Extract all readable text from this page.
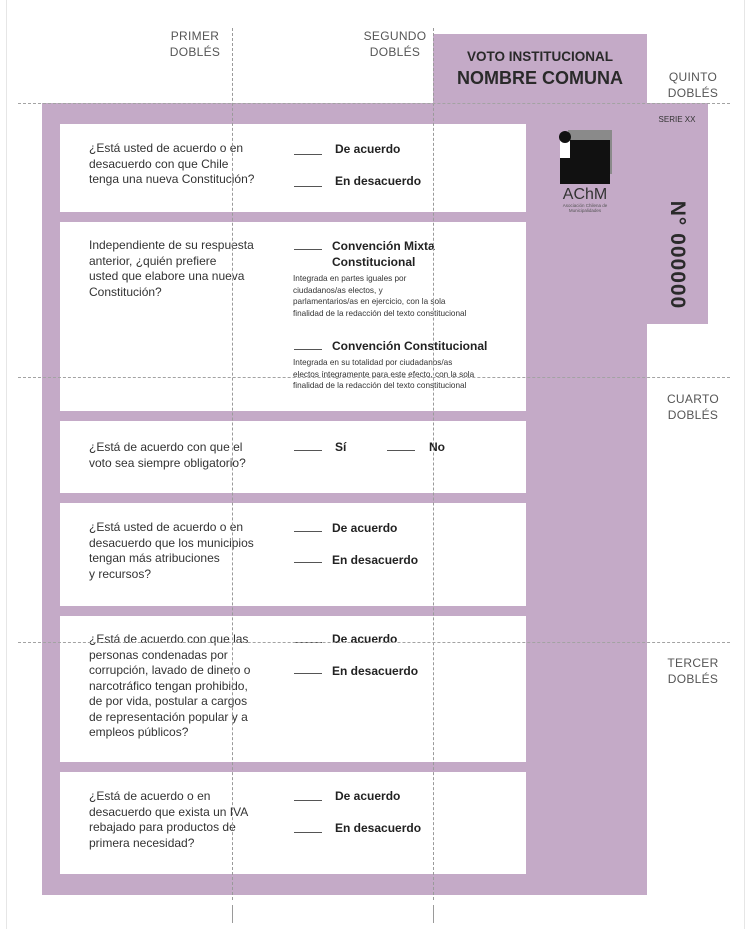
VOTO INSTITUCIONAL
NOMBRE COMUNA
SERIE XX
N° 000000
¿Está usted de acuerdo o en
desacuerdo con que Chile
tenga una nueva Constitución?
De acuerdo
En desacuerdo
Independiente de su respuesta
anterior, ¿quién prefiere
usted que elabore una nueva
Constitución?
Convención Mixta
Constitucional
Integrada en partes iguales por
ciudadanos/as electos, y
parlamentarios/as en ejercicio, con la sola
finalidad de la redacción del texto constitucional
Convención Constitucional
Integrada en su totalidad por ciudadanos/as
electos íntegramente para este efecto, con la sola
finalidad de la redacción del texto constitucional
¿Está de acuerdo con que el
voto sea siempre obligatorio?
Sí	No
¿Está usted de acuerdo o en
desacuerdo que los municipios
tengan más atribuciones
y recursos?
De acuerdo
En desacuerdo
¿Está de acuerdo con que las
personas condenadas por
corrupción, lavado de dinero o
narcotráfico tengan prohibido,
de por vida, postular a cargos
de representación popular y a
empleos públicos?
De acuerdo
En desacuerdo
¿Está de acuerdo o en
desacuerdo que exista un IVA
rebajado para productos de
primera necesidad?
De acuerdo
En desacuerdo
AChM
Asociación Chilena de Municipalidades
PRIMER
DOBLÉS
SEGUNDO
DOBLÉS
QUINTO
DOBLÉS
CUARTO
DOBLÉS
TERCER
DOBLÉS
